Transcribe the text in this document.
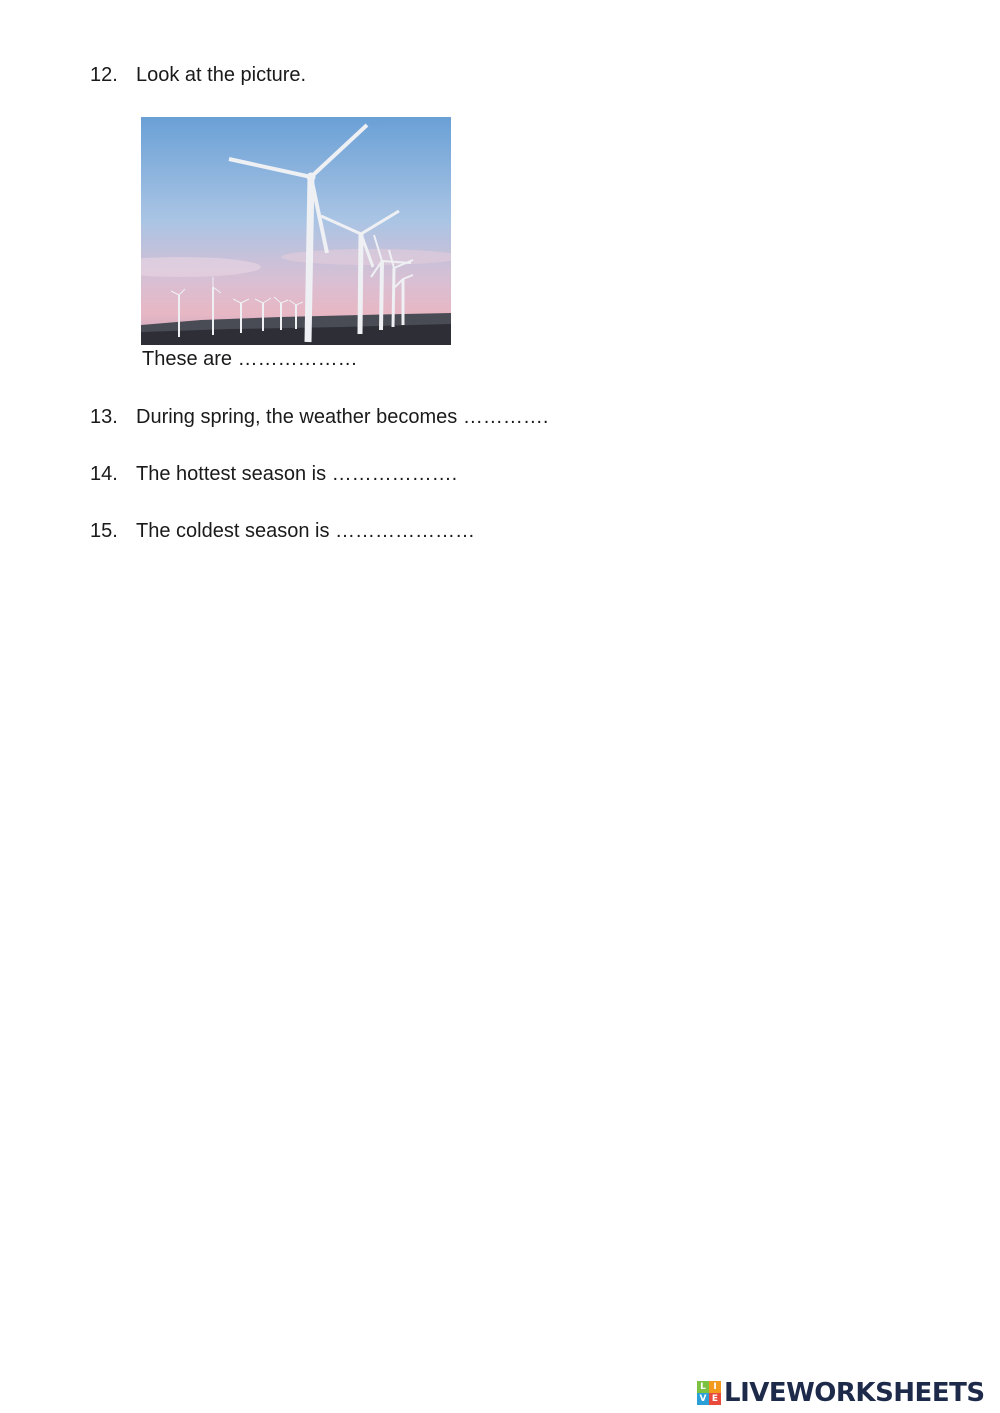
12. Look at the picture.
These are ………………
13. During spring, the weather becomes ………….
14. The hottest season is ……………….
15. The coldest season is …………………
L I
V E LIVEWORKSHEETS
